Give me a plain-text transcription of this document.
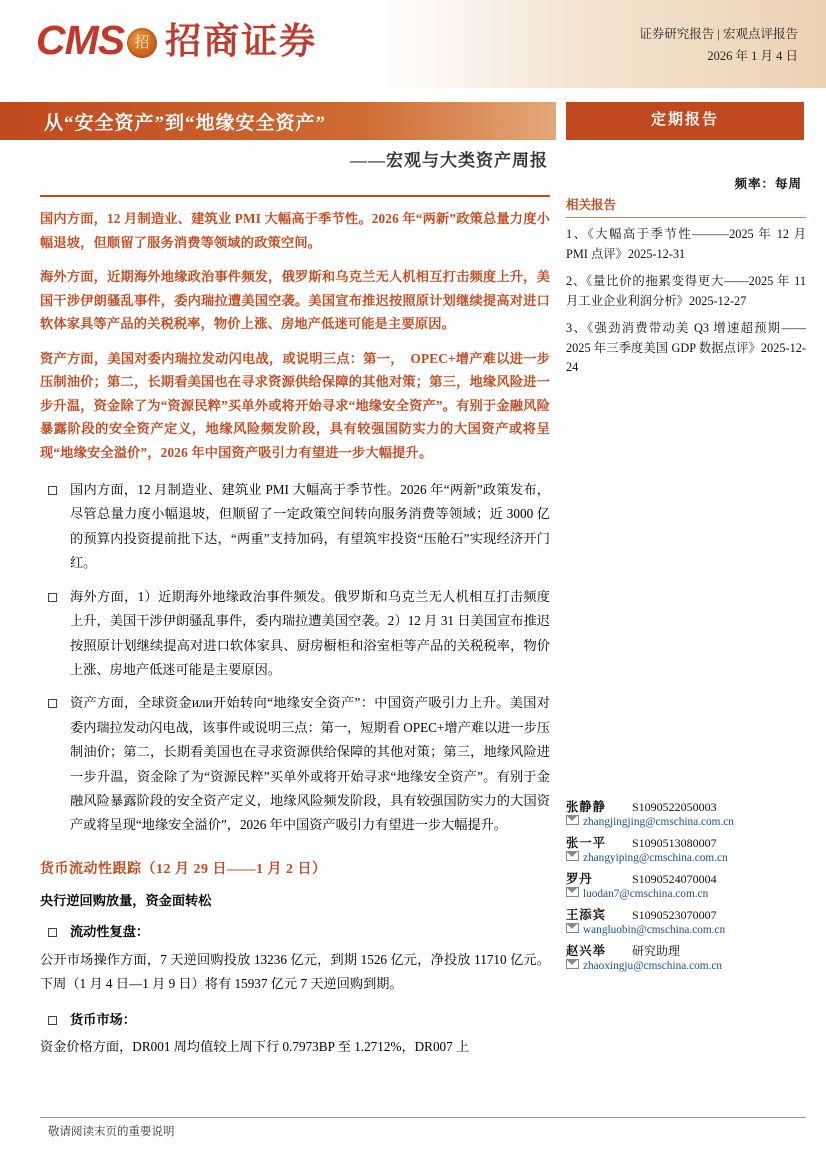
CMS 招 招商证券	证券研究报告 | 宏观点评报告
2026 年 1 月 4 日
从“安全资产”到“地缘安全资产”	定期报告
——宏观与大类资产周报
频率：每周
国内方面，12 月制造业、建筑业 PMI 大幅高于季节性。2026 年“两新”政策总量力度小幅退坡，但顺留了服务消费等领域的政策空间。
海外方面，近期海外地缘政治事件频发，俄罗斯和乌克兰无人机相互打击频度上升，美国干涉伊朗骚乱事件，委内瑞拉遭美国空袭。美国宣布推迟按照原计划继续提高对进口软体家具等产品的关税税率，物价上涨、房地产低迷可能是主要原因。
资产方面，美国对委内瑞拉发动闪电战，或说明三点：第一，　OPEC+增产难以进一步压制油价；第二，长期看美国也在寻求资源供给保障的其他对策；第三，地缘风险进一步升温，资金除了为“资源民粹”买单外或将开始寻求“地缘安全资产”。有别于金融风险暴露阶段的安全资产定义，地缘风险频发阶段，具有较强国防实力的大国资产或将呈现“地缘安全溢价”，2026 年中国资产吸引力有望进一步大幅提升。
国内方面，12 月制造业、建筑业 PMI 大幅高于季节性。2026 年“两新”政策发布，尽管总量力度小幅退坡，但顺留了一定政策空间转向服务消费等领域；近 3000 亿的预算内投资提前批下达，“两重”支持加码，有望筑牢投资“压舱石”实现经济开门红。
海外方面，1）近期海外地缘政治事件频发。俄罗斯和乌克兰无人机相互打击频度上升，美国干涉伊朗骚乱事件，委内瑞拉遭美国空袭。2）12 月 31 日美国宣布推迟按照原计划继续提高对进口软体家具、厨房橱柜和浴室柜等产品的关税税率，物价上涨、房地产低迷可能是主要原因。
资产方面，全球资金или开始转向“地缘安全资产”：中国资产吸引力上升。美国对委内瑞拉发动闪电战，该事件或说明三点：第一，短期看 OPEC+增产难以进一步压制油价；第二，长期看美国也在寻求资源供给保障的其他对策；第三，地缘风险进一步升温，资金除了为“资源民粹”买单外或将开始寻求“地缘安全资产”。有别于金融风险暴露阶段的安全资产定义，地缘风险频发阶段，具有较强国防实力的大国资产或将呈现“地缘安全溢价”，2026 年中国资产吸引力有望进一步大幅提升。
货币流动性跟踪（12 月 29 日——1 月 2 日）
央行逆回购放量，资金面转松
流动性复盘：
公开市场操作方面，7 天逆回购投放 13236 亿元，到期 1526 亿元，净投放 11710 亿元。下周（1 月 4 日—1 月 9 日）将有 15937 亿元 7 天逆回购到期。
货币市场：
资金价格方面，DR001 周均值较上周下行 0.7973BP 至 1.2712%，DR007 上
相关报告
1、《大幅高于季节性———2025 年 12 月 PMI 点评》2025-12-31
2、《量比价的拖累变得更大——2025 年 11 月工业企业利润分析》2025-12-27
3、《强劲消费带动美 Q3 增速超预期——2025 年三季度美国 GDP 数据点评》2025-12-24
张静静	S1090522050003
zhangjingjing@cmschina.com.cn
张一平	S1090513080007
zhangyiping@cmschina.com.cn
罗丹	S1090524070004
luodan7@cmschina.com.cn
王添宾	S1090523070007
wangluobin@cmschina.com.cn
赵兴举	研究助理
zhaoxingju@cmschina.com.cn
敬请阅读末页的重要说明
